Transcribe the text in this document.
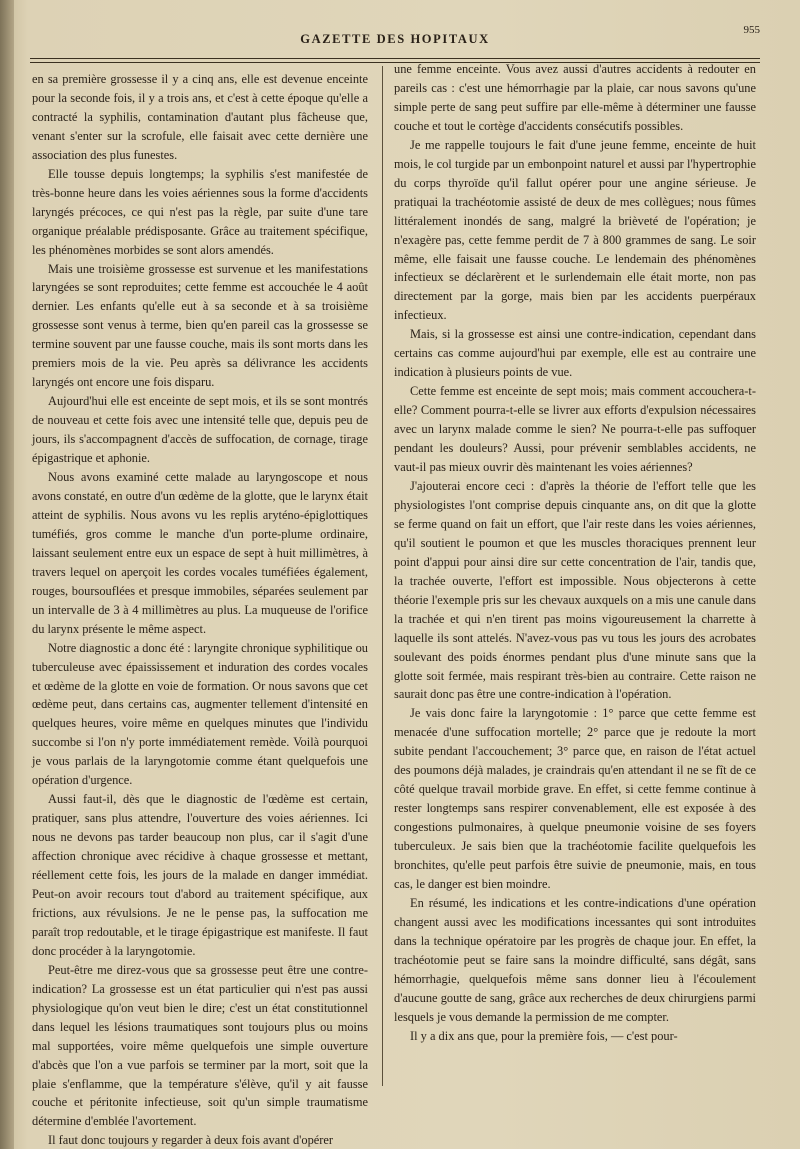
GAZETTE DES HOPITAUX
955

en sa première grossesse il y a cinq ans, elle est devenue enceinte pour la seconde fois, il y a trois ans, et c'est à cette époque qu'elle a contracté la syphilis, contamination d'autant plus fâcheuse que, venant s'enter sur la scrofule, elle faisait avec cette dernière une association des plus funestes.

Elle tousse depuis longtemps; la syphilis s'est manifestée de très-bonne heure dans les voies aériennes sous la forme d'accidents laryngés précoces, ce qui n'est pas la règle, par suite d'une tare organique préalable prédisposante. Grâce au traitement spécifique, les phénomènes morbides se sont alors amendés.

Mais une troisième grossesse est survenue et les manifestations laryngées se sont reproduites; cette femme est accouchée le 4 août dernier. Les enfants qu'elle eut à sa seconde et à sa troisième grossesse sont venus à terme, bien qu'en pareil cas la grossesse se termine souvent par une fausse couche, mais ils sont morts dans les premiers mois de la vie. Peu après sa délivrance les accidents laryngés ont encore une fois disparu.

Aujourd'hui elle est enceinte de sept mois, et ils se sont montrés de nouveau et cette fois avec une intensité telle que, depuis peu de jours, ils s'accompagnent d'accès de suffocation, de cornage, tirage épigastrique et aphonie.

Nous avons examiné cette malade au laryngoscope et nous avons constaté, en outre d'un œdème de la glotte, que le larynx était atteint de syphilis. Nous avons vu les replis aryténo-épiglottiques tuméfiés, gros comme le manche d'un porte-plume ordinaire, laissant seulement entre eux un espace de sept à huit millimètres, à travers lequel on aperçoit les cordes vocales tuméfiées également, rouges, boursouflées et presque immobiles, séparées seulement par un intervalle de 3 à 4 millimètres au plus. La muqueuse de l'orifice du larynx présente le même aspect.

Notre diagnostic a donc été : laryngite chronique syphilitique ou tuberculeuse avec épaississement et induration des cordes vocales et œdème de la glotte en voie de formation. Or nous savons que cet œdème peut, dans certains cas, augmenter tellement d'intensité en quelques heures, voire même en quelques minutes que l'individu succombe si l'on n'y porte immédiatement remède. Voilà pourquoi je vous parlais de la laryngotomie comme étant quelquefois une opération d'urgence.

Aussi faut-il, dès que le diagnostic de l'œdème est certain, pratiquer, sans plus attendre, l'ouverture des voies aériennes. Ici nous ne devons pas tarder beaucoup non plus, car il s'agit d'une affection chronique avec récidive à chaque grossesse et mettant, réellement cette fois, les jours de la malade en danger immédiat. Peut-on avoir recours tout d'abord au traitement spécifique, aux frictions, aux révulsions. Je ne le pense pas, la suffocation me paraît trop redoutable, et le tirage épigastrique est manifeste. Il faut donc procéder à la laryngotomie.

Peut-être me direz-vous que sa grossesse peut être une contre-indication? La grossesse est un état particulier qui n'est pas aussi physiologique qu'on veut bien le dire; c'est un état constitutionnel dans lequel les lésions traumatiques sont toujours plus ou moins mal supportées, voire même quelquefois une simple ouverture d'abcès que l'on a vue parfois se terminer par la mort, soit que la plaie s'enflamme, que la température s'élève, qu'il y ait fausse couche et péritonite infectieuse, soit qu'un simple traumatisme détermine d'emblée l'avortement.

Il faut donc toujours y regarder à deux fois avant d'opérer

une femme enceinte. Vous avez aussi d'autres accidents à redouter en pareils cas : c'est une hémorrhagie par la plaie, car nous savons qu'une simple perte de sang peut suffire par elle-même à déterminer une fausse couche et tout le cortège d'accidents consécutifs possibles.

Je me rappelle toujours le fait d'une jeune femme, enceinte de huit mois, le col turgide par un embonpoint naturel et aussi par l'hypertrophie du corps thyroïde qu'il fallut opérer pour une angine sérieuse. Je pratiquai la trachéotomie assisté de deux de mes collègues; nous fûmes littéralement inondés de sang, malgré la brièveté de l'opération; je n'exagère pas, cette femme perdit de 7 à 800 grammes de sang. Le soir même, elle faisait une fausse couche. Le lendemain des phénomènes infectieux se déclarèrent et le surlendemain elle était morte, non pas directement par la gorge, mais bien par les accidents puerpéraux infectieux.

Mais, si la grossesse est ainsi une contre-indication, cependant dans certains cas comme aujourd'hui par exemple, elle est au contraire une indication à plusieurs points de vue.

Cette femme est enceinte de sept mois; mais comment accouchera-t-elle? Comment pourra-t-elle se livrer aux efforts d'expulsion nécessaires avec un larynx malade comme le sien? Ne pourra-t-elle pas suffoquer pendant les douleurs? Aussi, pour prévenir semblables accidents, ne vaut-il pas mieux ouvrir dès maintenant les voies aériennes?

J'ajouterai encore ceci : d'après la théorie de l'effort telle que les physiologistes l'ont comprise depuis cinquante ans, on dit que la glotte se ferme quand on fait un effort, que l'air reste dans les voies aériennes, qu'il soutient le poumon et que les muscles thoraciques prennent leur point d'appui pour ainsi dire sur cette concentration de l'air, tandis que, la trachée ouverte, l'effort est impossible. Nous objecterons à cette théorie l'exemple pris sur les chevaux auxquels on a mis une canule dans la trachée et qui n'en tirent pas moins vigoureusement la charrette à laquelle ils sont attelés. N'avez-vous pas vu tous les jours des acrobates soulevant des poids énormes pendant plus d'une minute sans que la glotte soit fermée, mais respirant très-bien au contraire. Cette raison ne saurait donc pas être une contre-indication à l'opération.

Je vais donc faire la laryngotomie : 1° parce que cette femme est menacée d'une suffocation mortelle; 2° parce que je redoute la mort subite pendant l'accouchement; 3° parce que, en raison de l'état actuel des poumons déjà malades, je craindrais qu'en attendant il ne se fît de ce côté quelque travail morbide grave. En effet, si cette femme continue à rester longtemps sans respirer convenablement, elle est exposée à des congestions pulmonaires, à quelque pneumonie voisine de ses foyers tuberculeux. Je sais bien que la trachéotomie facilite quelquefois les bronchites, qu'elle peut parfois être suivie de pneumonie, mais, en tous cas, le danger est bien moindre.

En résumé, les indications et les contre-indications d'une opération changent aussi avec les modifications incessantes qui sont introduites dans la technique opératoire par les progrès de chaque jour. En effet, la trachéotomie peut se faire sans la moindre difficulté, sans dégât, sans hémorrhagie, quelquefois même sans donner lieu à l'écoulement d'aucune goutte de sang, grâce aux recherches de deux chirurgiens parmi lesquels je vous demande la permission de me compter.

Il y a dix ans que, pour la première fois, — c'est pour-
